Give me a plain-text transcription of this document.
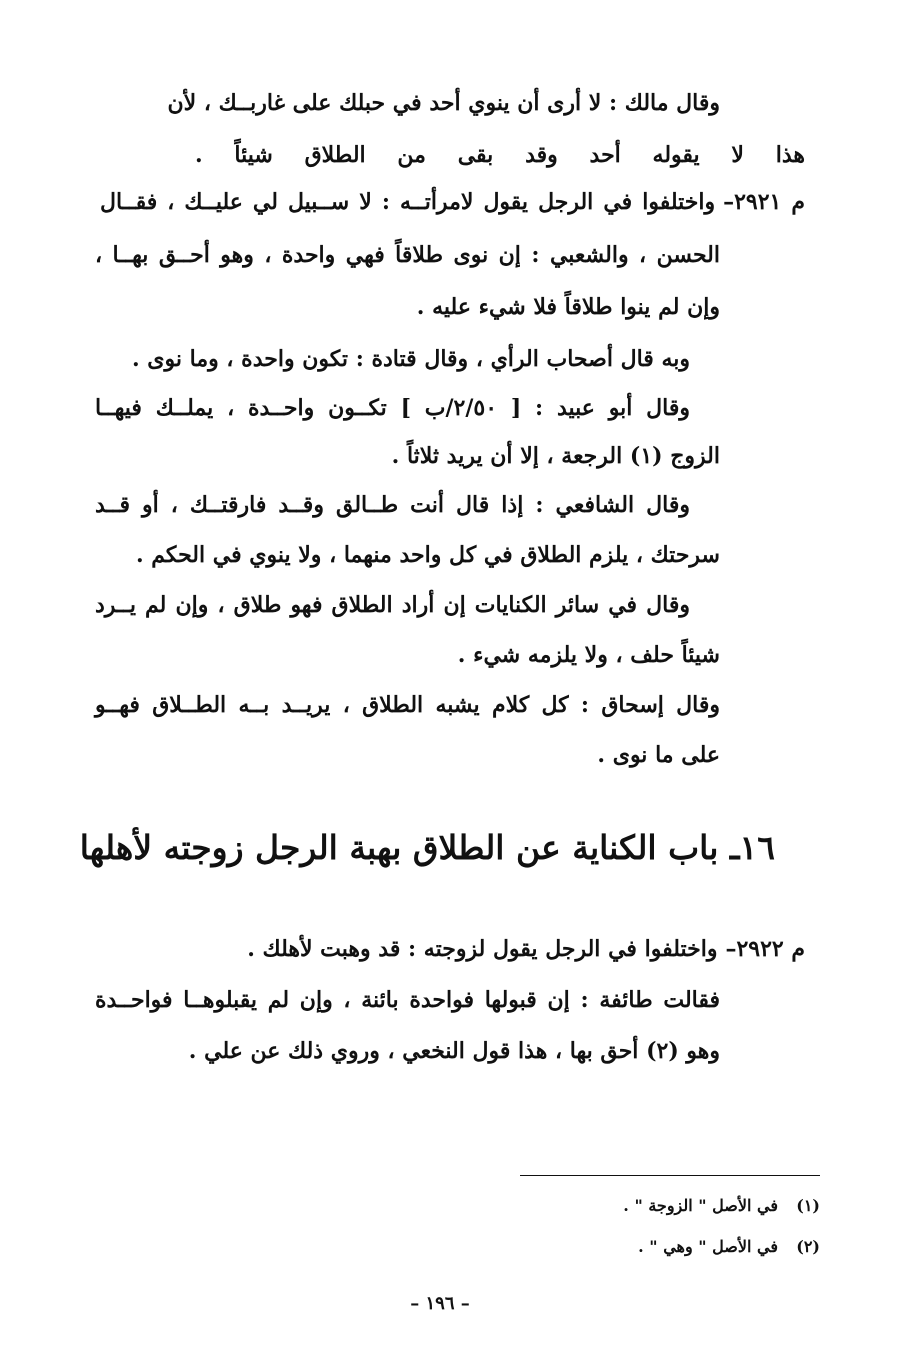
وقال مالك : لا أرى أن ينوي أحد في حبلك على غاربــك ، لأن
هذا لا يقوله أحد وقد بقى من الطلاق شيئاً .
م ٢٩٢١–واختلفوا في الرجل يقول لامرأتــه : لا ســبيل لي عليــك ، فقــال
الحسن ، والشعبي : إن نوى طلاقاً فهي واحدة ، وهو أحــق بهــا ،
وإن لم ينوا طلاقاً فلا شيء عليه .
وبه قال أصحاب الرأي ، وقال قتادة : تكون واحدة ، وما نوى .
وقال أبو عبيد : [ ٢/٥٠/ب ] تكــون واحــدة ، يملــك فيهــا
الزوج (١) الرجعة ، إلا أن يريد ثلاثاً .
وقال الشافعي : إذا قال أنت طــالق وقــد فارقتــك ، أو قــد
سرحتك ، يلزم الطلاق في كل واحد منهما ، ولا ينوي في الحكم .
وقال في سائر الكنايات إن أراد الطلاق فهو طلاق ، وإن لم يــرد
شيئاً حلف ، ولا يلزمه شيء .
وقال إسحاق : كل كلام يشبه الطلاق ، يريــد بــه الطــلاق فهــو
على ما نوى .
١٦ـ باب الكناية عن الطلاق بهبة الرجل زوجته لأهلها
م ٢٩٢٢–واختلفوا في الرجل يقول لزوجته : قد وهبت لأهلك .
فقالت طائفة : إن قبولها فواحدة بائنة ، وإن لم يقبلوهــا فواحــدة
وهو (٢) أحق بها ، هذا قول النخعي ، وروي ذلك عن علي .
(١)في الأصل " الزوجة " .
(٢)في الأصل " وهي " .
– ١٩٦ –
